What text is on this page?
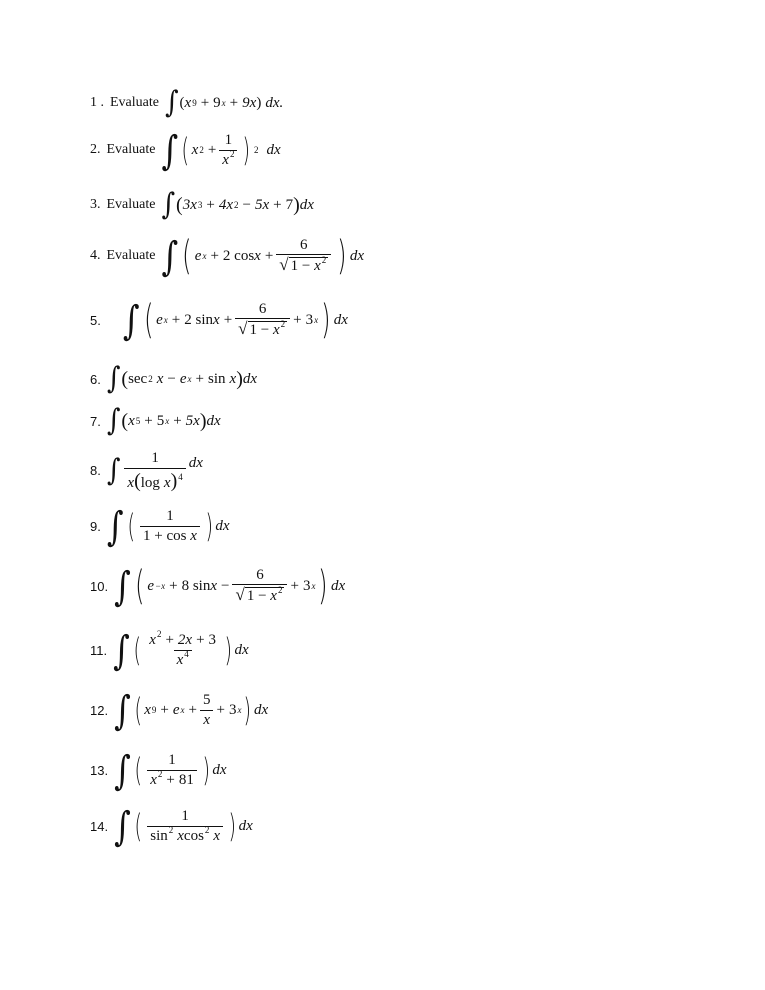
1 . Evaluate ∫ ( x 9 + 9 x + 9x ) dx.
2. Evaluate ∫ ( x $2 + \frac{1}{x^2}$ ) 2 dx
3. Evaluate ∫ ( 3x 3 + 4x 2 − 5x + 7 ) dx
4. Evaluate ∫ ( e x + 2 $\cos x + \frac{6}{√ 1 - x^2}$ ) dx
5. ∫ ( e x + 2 $\sin x + \frac{6}{√ 1 - x^2} + 3$ x ) dx
6. ∫ ( sec 2 x − e x + sin x ) dx
7. ∫ ( x 5 + 5 x + 5x ) dx
8. ∫ $\frac{1}{x(\log x)^4}$ dx
9. ∫ ( $\frac{1}{\text{1 + cos x}}$ ) dx
10. ∫ ( e −x + 8 $\sin x - \frac{6}{√ 1 - x^2} + 3$ x ) dx
11. ∫ ( $\frac{x^2 + 2x + 3}{x^4}$ ) dx
12. ∫ ( x 9 + e $x + \frac{5}{x} + 3$ x ) dx
13. ∫ ( $\frac{1}{x^2 + 81}$ ) dx
14. ∫ ( $\frac{1}{\sin^2 xcos^2 x}$ ) dx
